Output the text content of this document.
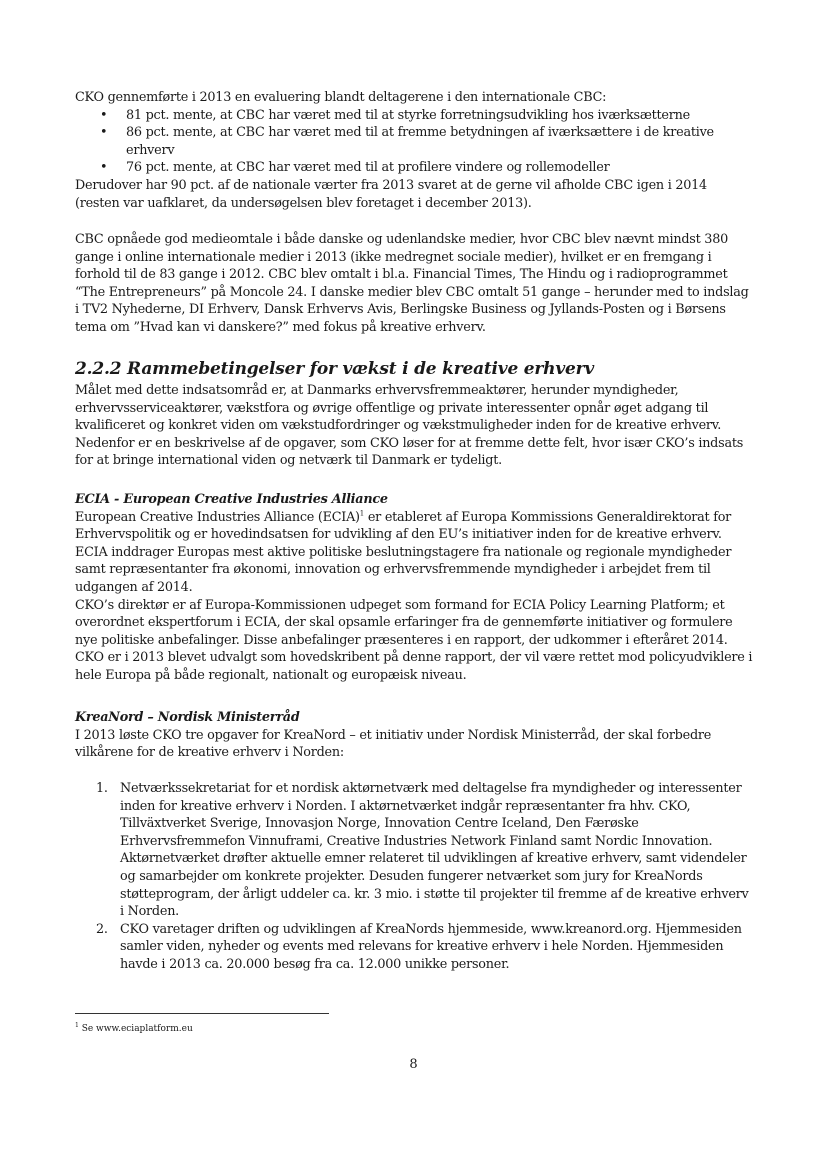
CKO gennemførte i 2013 en evaluering blandt deltagerene i den internationale CBC:

• 81 pct. mente, at CBC har været med til at styrke forretningsudvikling hos iværksætterne
• 86 pct. mente, at CBC har været med til at fremme betydningen af iværksættere i de kreative erhverv
• 76 pct. mente, at CBC har været med til at profilere vindere og rollemodeller

Derudover har 90 pct. af de nationale værter fra 2013 svaret at de gerne vil afholde CBC igen i 2014 (resten var uafklaret, da undersøgelsen blev foretaget i december 2013).

CBC opnåede god medieomtale i både danske og udenlandske medier, hvor CBC blev nævnt mindst 380 gange i online internationale medier i 2013 (ikke medregnet sociale medier), hvilket er en fremgang i forhold til de 83 gange i 2012. CBC blev omtalt i bl.a. Financial Times, The Hindu og i radioprogrammet “The Entrepreneurs” på Moncole 24. I danske medier blev CBC omtalt 51 gange – herunder med to indslag i TV2 Nyhederne, DI Erhverv, Dansk Erhvervs Avis, Berlingske Business og Jyllands-Posten og i Børsens tema om ”Hvad kan vi danskere?” med fokus på kreative erhverv.

2.2.2 Rammebetingelser for vækst i de kreative erhverv

Målet med dette indsatsområd er, at Danmarks erhvervsfremmeaktører, herunder myndigheder, erhvervsserviceaktører, vækstfora og øvrige offentlige og private interessenter opnår øget adgang til kvalificeret og konkret viden om vækstudfordringer og vækstmuligheder inden for de kreative erhverv. Nedenfor er en beskrivelse af de opgaver, som CKO løser for at fremme dette felt, hvor især CKO’s indsats for at bringe international viden og netværk til Danmark er tydeligt.

ECIA - European Creative Industries Alliance

European Creative Industries Alliance (ECIA)$^1$ er etableret af Europa Kommissions Generaldirektorat for Erhvervspolitik og er hovedindsatsen for udvikling af den EU’s initiativer inden for de kreative erhverv. ECIA inddrager Europas mest aktive politiske beslutningstagere fra nationale og regionale myndigheder samt repræsentanter fra økonomi, innovation og erhvervsfremmende myndigheder i arbejdet frem til udgangen af 2014.

CKO’s direktør er af Europa-Kommissionen udpeget som formand for ECIA Policy Learning Platform; et overordnet ekspertforum i ECIA, der skal opsamle erfaringer fra de gennemførte initiativer og formulere nye politiske anbefalinger. Disse anbefalinger præsenteres i en rapport, der udkommer i efteråret 2014. CKO er i 2013 blevet udvalgt som hovedskribent på denne rapport, der vil være rettet mod policyudviklere i hele Europa på både regionalt, nationalt og europæisk niveau.

KreaNord – Nordisk Ministerråd

I 2013 løste CKO tre opgaver for KreaNord – et initiativ under Nordisk Ministerråd, der skal forbedre vilkårene for de kreative erhverv i Norden:

1. Netværkssekretariat for et nordisk aktørnetværk med deltagelse fra myndigheder og interessenter inden for kreative erhverv i Norden. I aktørnetværket indgår repræsentanter fra hhv. CKO, Tillväxtverket Sverige, Innovasjon Norge, Innovation Centre Iceland, Den Færøske Erhvervsfremmefon Vinnuframi, Creative Industries Network Finland samt Nordic Innovation. Aktørnetværket drøfter aktuelle emner relateret til udviklingen af kreative erhverv, samt videndeler og samarbejder om konkrete projekter. Desuden fungerer netværket som jury for KreaNords støtteprogram, der årligt uddeler ca. kr. 3 mio. i støtte til projekter til fremme af de kreative erhverv i Norden.
2. CKO varetager driften og udviklingen af KreaNords hjemmeside, www.kreanord.org. Hjemmesiden samler viden, nyheder og events med relevans for kreative erhverv i hele Norden. Hjemmesiden havde i 2013 ca. 20.000 besøg fra ca. 12.000 unikke personer.
$^1$ Se www.eciaplatform.eu
8
